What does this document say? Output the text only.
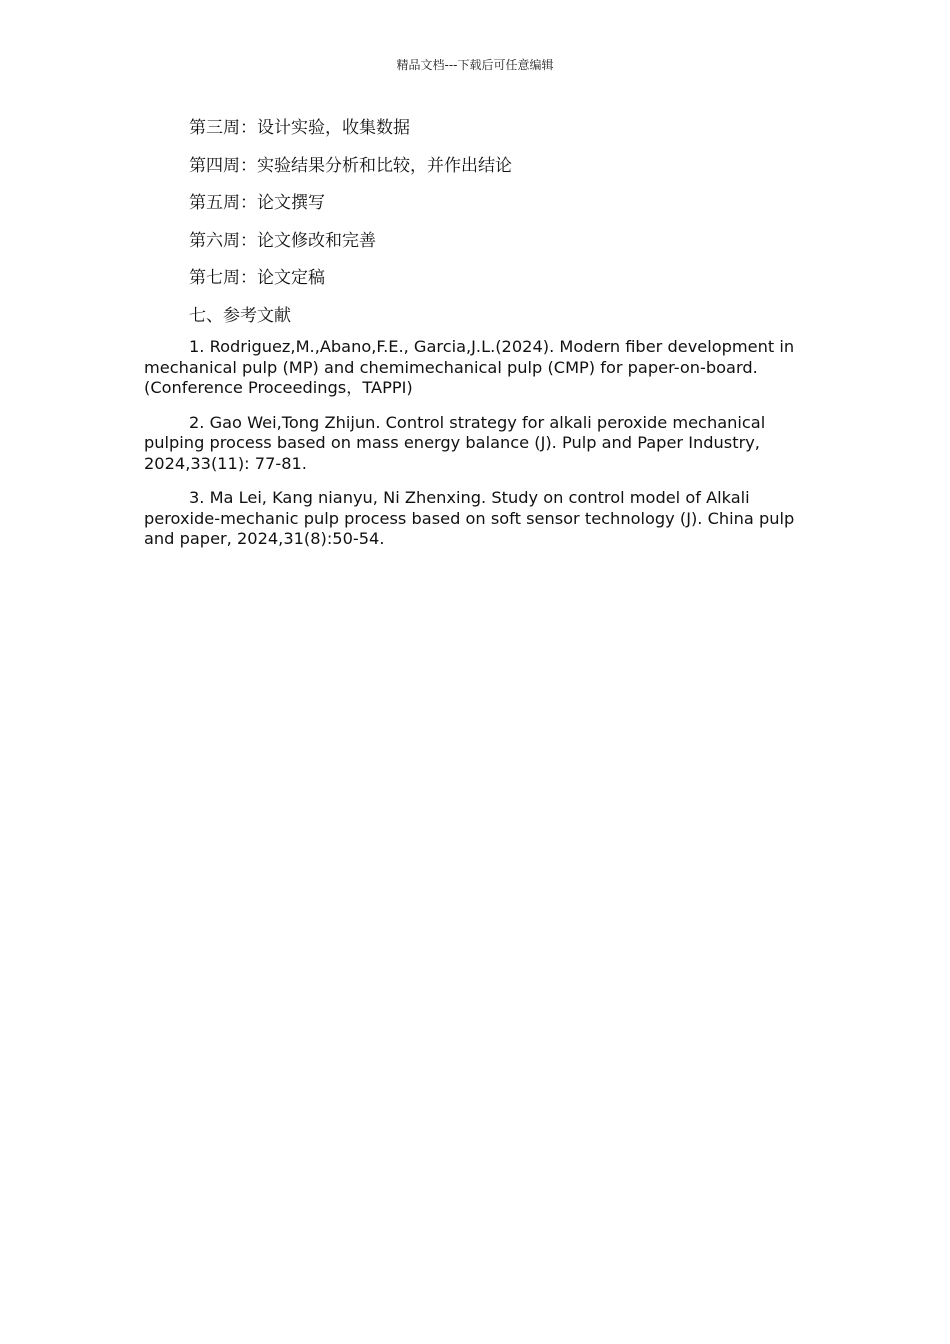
精品文档---下载后可任意编辑

第三周：设计实验，收集数据

第四周：实验结果分析和比较，并作出结论

第五周：论文撰写

第六周：论文修改和完善

第七周：论文定稿

七、参考文献

1. Rodriguez,M.,Abano,F.E., Garcia,J.L.(2024). Modern fiber development in mechanical pulp (MP) and chemimechanical pulp (CMP) for paper-on-board.(Conference Proceedings，TAPPI)

2. Gao Wei,Tong Zhijun. Control strategy for alkali peroxide mechanical pulping process based on mass energy balance (J). Pulp and Paper Industry, 2024,33(11): 77-81.

3. Ma Lei, Kang nianyu, Ni Zhenxing. Study on control model of Alkali peroxide-mechanic pulp process based on soft sensor technology (J). China pulp and paper, 2024,31(8):50-54.
